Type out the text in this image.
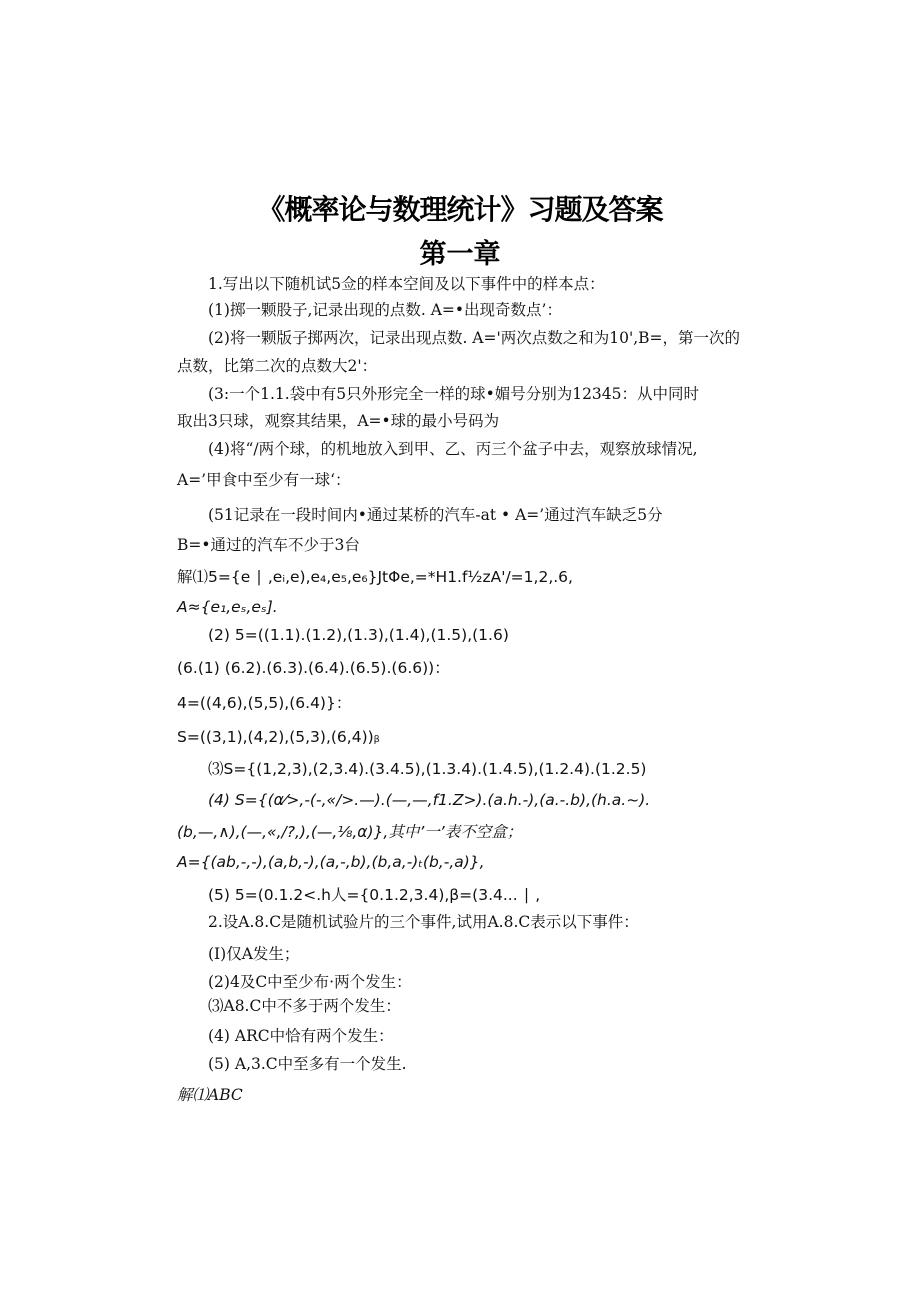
《概率论与数理统计》习题及答案
第一章
1.写出以下随机试5佥的样本空间及以下事件中的样本点：
(1)掷一颗股子,记录出现的点数. A=•出现奇数点’：
(2)将一颗版子掷两次，记录出现点数. A='两次点数之和为10',B=，第一次的
点数，比第二次的点数大2'：
(3:一个1.1.袋中有5只外形完全一样的球•媚号分别为12345：从中同时
取出3只球，观察其结果，A=•球的最小号码为
(4)将“/两个球，的机地放入到甲、乙、丙三个盆子中去，观察放球情况,
A=’甲食中至少有一球‘：
(51记录在一段时间内•通过某桥的汽车-at • A=’通过汽车缺乏5分
B=•通过的汽车不少于3台
解⑴5={e ∣ ,eᵢ,e),e₄,e₅,e₆}JtΦe,=*H1.f½zA'/=1,2,.6,
A≈{e₁,eₛ,eₛ].
(2) 5=((1.1).(1.2),(1.3),(1.4),(1.5),(1.6)
(6.(1) (6.2).(6.3).(6.4).(6.5).(6.6))：
4=((4,6),(5,5),(6.4)}：
S=((3,1),(4,2),(5,3),(6,4))ᵦ
⑶S={(1,2,3),(2,3.4).(3.4.5),(1.3.4).(1.4.5),(1.2.4).(1.2.5)
(4) S={(α⁄>,-(-,«/>.—).(—,—,f1.Z>).(a.h.-),(a.-.b),(h.a.~).
(b,—,∧),(—,«,/?,),(—,⅛,α)},其中’一’表不空盒；
A={(ab,-,-),(a,b,-),(a,-,b),(b,a,-)ₜ(b,-,a)},
(5) 5=(0.1.2<.h人={0.1.2,3.4),β=(3.4... ∣ ,
2.设A.8.C是随机试验片的三个事件,试用A.8.C表示以下事件：
(I)仅A发生；
(2)4及C中至少布·两个发生：
⑶A8.C中不多于两个发生：
(4) ARC中恰有两个发生：
(5) A,3.C中至多有一个发生.
解⑴ABC
